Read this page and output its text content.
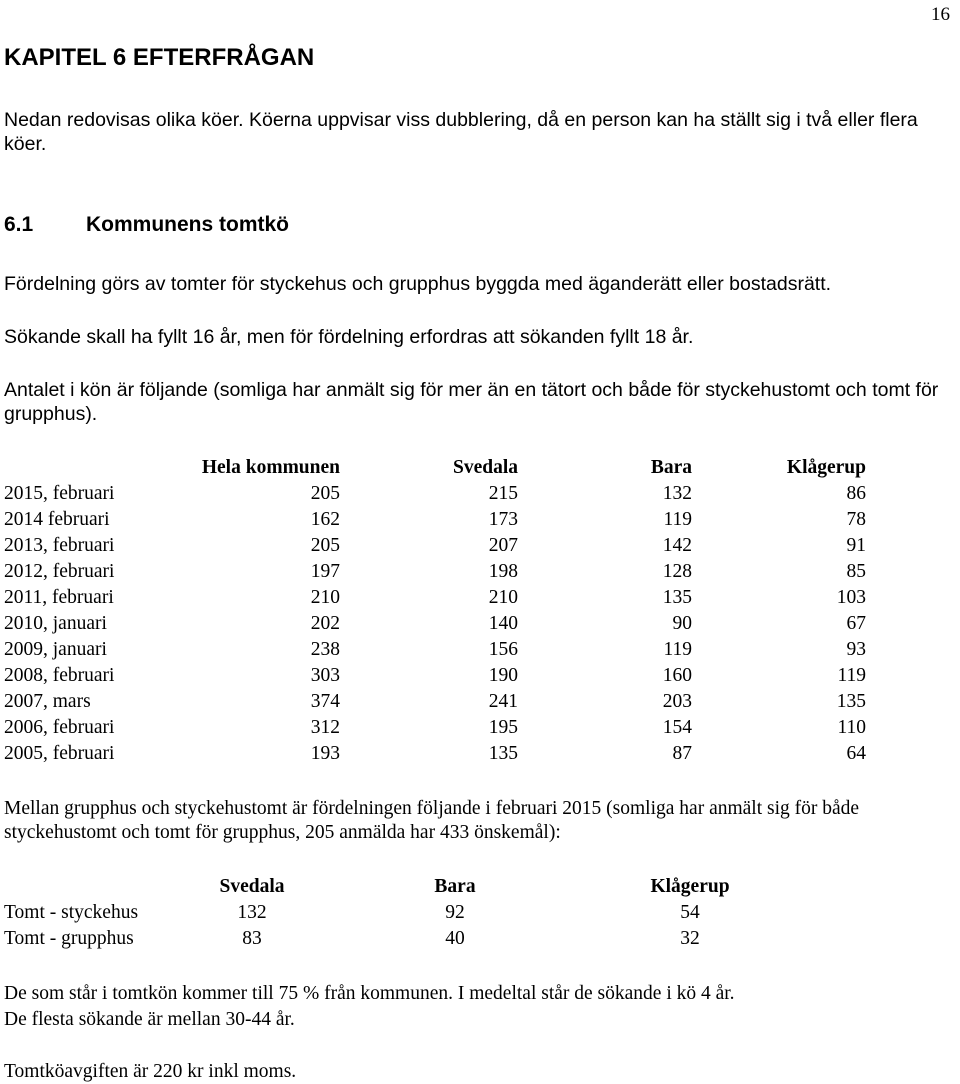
16
KAPITEL 6 EFTERFRÅGAN
Nedan redovisas olika köer. Köerna uppvisar viss dubblering, då en person kan ha ställt sig i två eller flera köer.
6.1	Kommunens tomtkö
Fördelning görs av tomter för styckehus och grupphus byggda med äganderätt eller bostadsrätt.
Sökande skall ha fyllt 16 år, men för fördelning erfordras att sökanden fyllt 18 år.
Antalet i kön är följande (somliga har anmält sig för mer än en tätort och både för styckehustomt och tomt för grupphus).
	Hela kommunen	Svedala	Bara	Klågerup
2015, februari	205	215	132	86
2014 februari	162	173	119	78
2013, februari	205	207	142	91
2012, februari	197	198	128	85
2011, februari	210	210	135	103
2010, januari	202	140	90	67
2009, januari	238	156	119	93
2008, februari	303	190	160	119
2007, mars	374	241	203	135
2006, februari	312	195	154	110
2005, februari	193	135	87	64
Mellan grupphus och styckehustomt är fördelningen följande i februari 2015 (somliga har anmält sig för både styckehustomt och tomt för grupphus, 205 anmälda har 433 önskemål):
	Svedala	Bara	Klågerup
Tomt - styckehus	132	92	54
Tomt - grupphus	83	40	32
De som står i tomtkön kommer till 75 % från kommunen. I medeltal står de sökande i kö 4 år.
De flesta sökande är mellan 30-44 år.
Tomtköavgiften är 220 kr inkl moms.
